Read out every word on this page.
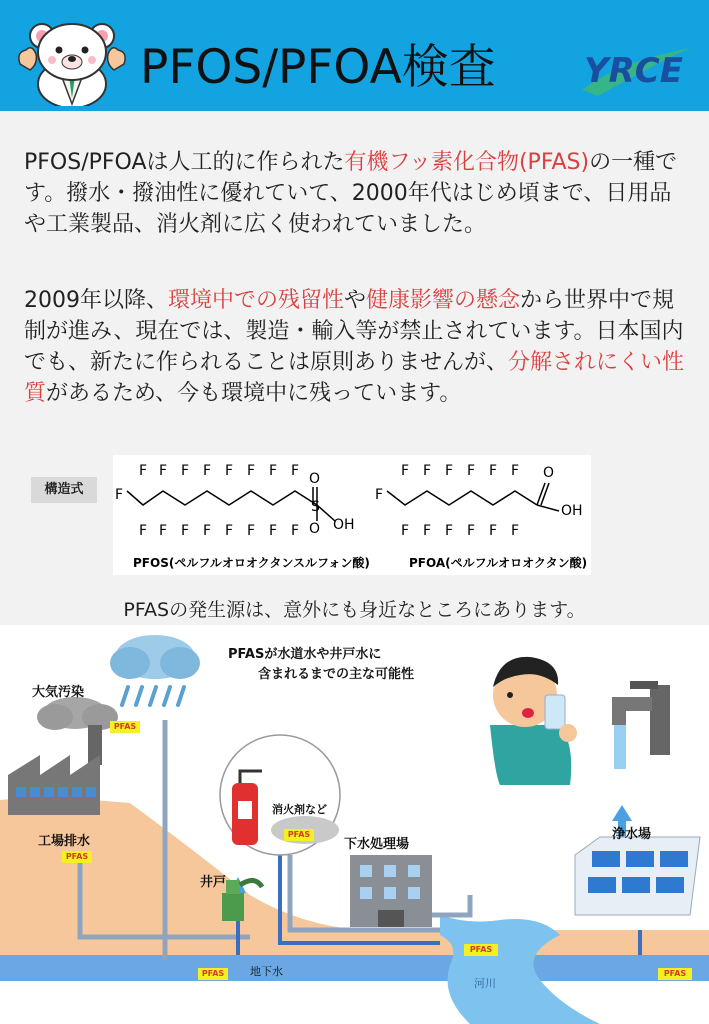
PFOS/PFOA検査	YRCE
PFOS/PFOAは人工的に作られた有機フッ素化合物(PFAS)の一種です。撥水・撥油性に優れていて、2000年代はじめ頃まで、日用品や工業製品、消火剤に広く使われていました。
2009年以降、環境中での残留性や健康影響の懸念から世界中で規制が進み、現在では、製造・輸入等が禁止されています。日本国内でも、新たに作られることは原則ありませんが、分解されにくい性質があるため、今も環境中に残っています。
構造式
F F F F F F F F
F F F F F F F F
F
S
O
O OH
F F F F F F
F F F F F F
F
O
OH
PFOS(ペルフルオロオクタンスルフォン酸)	PFOA(ペルフルオロオクタン酸)
PFASの発生源は、意外にも身近なところにあります。
PFASが水道水や井戸水に
含まれるまでの主な可能性
大気汚染
工場排水
井戸
消火剤など
下水処理場
浄水場
地下水
河川
PFAS
PFAS
PFAS
PFAS
PFAS
PFAS
